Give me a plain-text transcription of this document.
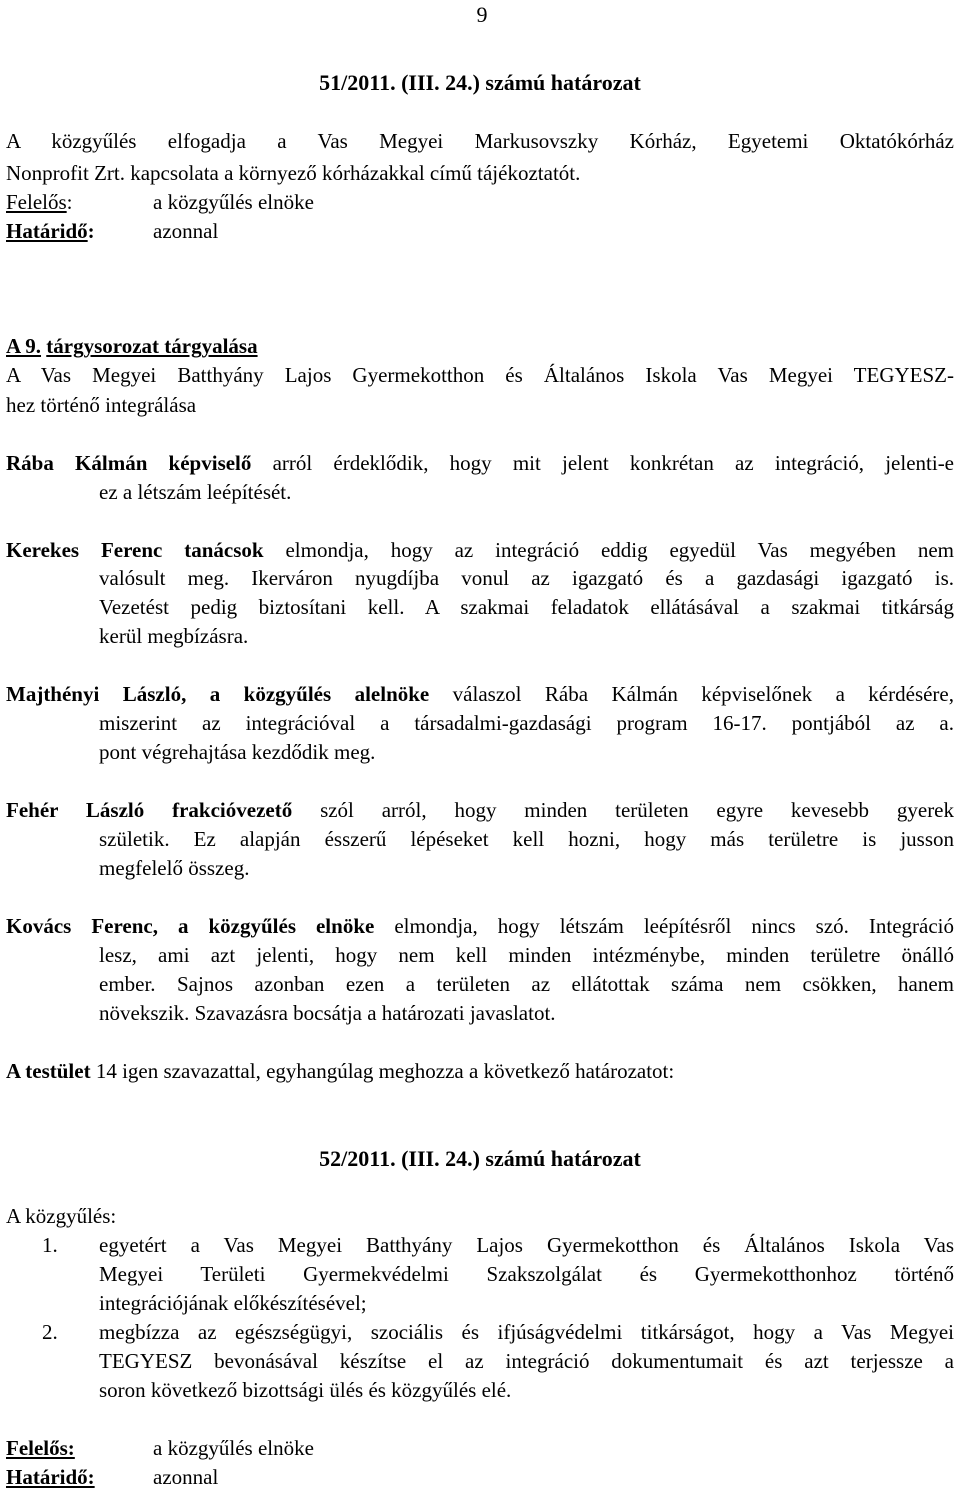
9
51/2011. (III. 24.) számú határozat
A közgyűlés elfogadja a Vas Megyei Markusovszky Kórház, Egyetemi Oktatókórház
Nonprofit Zrt. kapcsolata a környező kórházakkal című tájékoztatót.
Felelős:	a közgyűlés elnöke
Határidő:	azonnal
A 9. tárgysorozat tárgyalása
A Vas Megyei Batthyány Lajos Gyermekotthon és Általános Iskola Vas Megyei TEGYESZ-
hez történő integrálása
Rába Kálmán képviselő arról érdeklődik, hogy mit jelent konkrétan az integráció, jelenti-e
ez a létszám leépítését.
Kerekes Ferenc tanácsok elmondja, hogy az integráció eddig egyedül Vas megyében nem
valósult meg. Ikerváron nyugdíjba vonul az igazgató és a gazdasági igazgató is.
Vezetést pedig biztosítani kell. A szakmai feladatok ellátásával a szakmai titkárság
kerül megbízásra.
Majthényi László, a közgyűlés alelnöke válaszol Rába Kálmán képviselőnek a kérdésére,
miszerint az integrációval a társadalmi-gazdasági program 16-17. pontjából az a.
pont végrehajtása kezdődik meg.
Fehér László frakcióvezető szól arról, hogy minden területen egyre kevesebb gyerek
születik. Ez alapján ésszerű lépéseket kell hozni, hogy más területre is jusson
megfelelő összeg.
Kovács Ferenc, a közgyűlés elnöke elmondja, hogy létszám leépítésről nincs szó. Integráció
lesz, ami azt jelenti, hogy nem kell minden intézménybe, minden területre önálló
ember. Sajnos azonban ezen a területen az ellátottak száma nem csökken, hanem
növekszik. Szavazásra bocsátja a határozati javaslatot.
A testület 14 igen szavazattal, egyhangúlag meghozza a következő határozatot:
52/2011. (III. 24.) számú határozat
A közgyűlés:
1. egyetért a Vas Megyei Batthyány Lajos Gyermekotthon és Általános Iskola Vas
Megyei Területi Gyermekvédelmi Szakszolgálat és Gyermekotthonhoz történő
integrációjának előkészítésével;
2. megbízza az egészségügyi, szociális és ifjúságvédelmi titkárságot, hogy a Vas Megyei
TEGYESZ bevonásával készítse el az integráció dokumentumait és azt terjessze a
soron következő bizottsági ülés és közgyűlés elé.
Felelős:	a közgyűlés elnöke
Határidő:	azonnal
